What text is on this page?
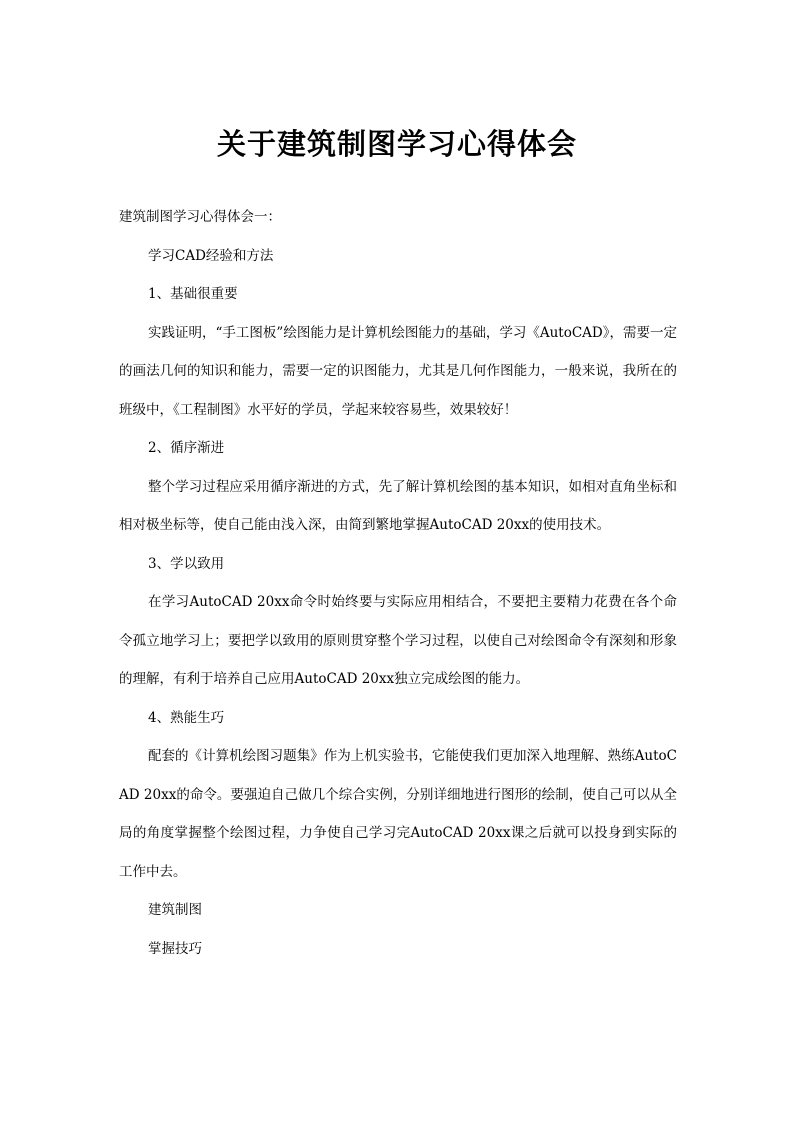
关于建筑制图学习心得体会

建筑制图学习心得体会一：

学习CAD经验和方法

1、基础很重要

实践证明，“手工图板”绘图能力是计算机绘图能力的基础，学习《AutoCAD》，需要一定的画法几何的知识和能力，需要一定的识图能力，尤其是几何作图能力，一般来说，我所在的班级中，《工程制图》水平好的学员，学起来较容易些，效果较好！

2、循序渐进

整个学习过程应采用循序渐进的方式，先了解计算机绘图的基本知识，如相对直角坐标和相对极坐标等，使自己能由浅入深，由简到繁地掌握AutoCAD 20xx的使用技术。

3、学以致用

在学习AutoCAD 20xx命令时始终要与实际应用相结合，不要把主要精力花费在各个命令孤立地学习上；要把学以致用的原则贯穿整个学习过程，以使自己对绘图命令有深刻和形象的理解，有利于培养自己应用AutoCAD 20xx独立完成绘图的能力。

4、熟能生巧

配套的《计算机绘图习题集》作为上机实验书，它能使我们更加深入地理解、熟练AutoCAD 20xx的命令。要强迫自己做几个综合实例，分别详细地进行图形的绘制，使自己可以从全局的角度掌握整个绘图过程，力争使自己学习完AutoCAD 20xx课之后就可以投身到实际的工作中去。

建筑制图

掌握技巧
